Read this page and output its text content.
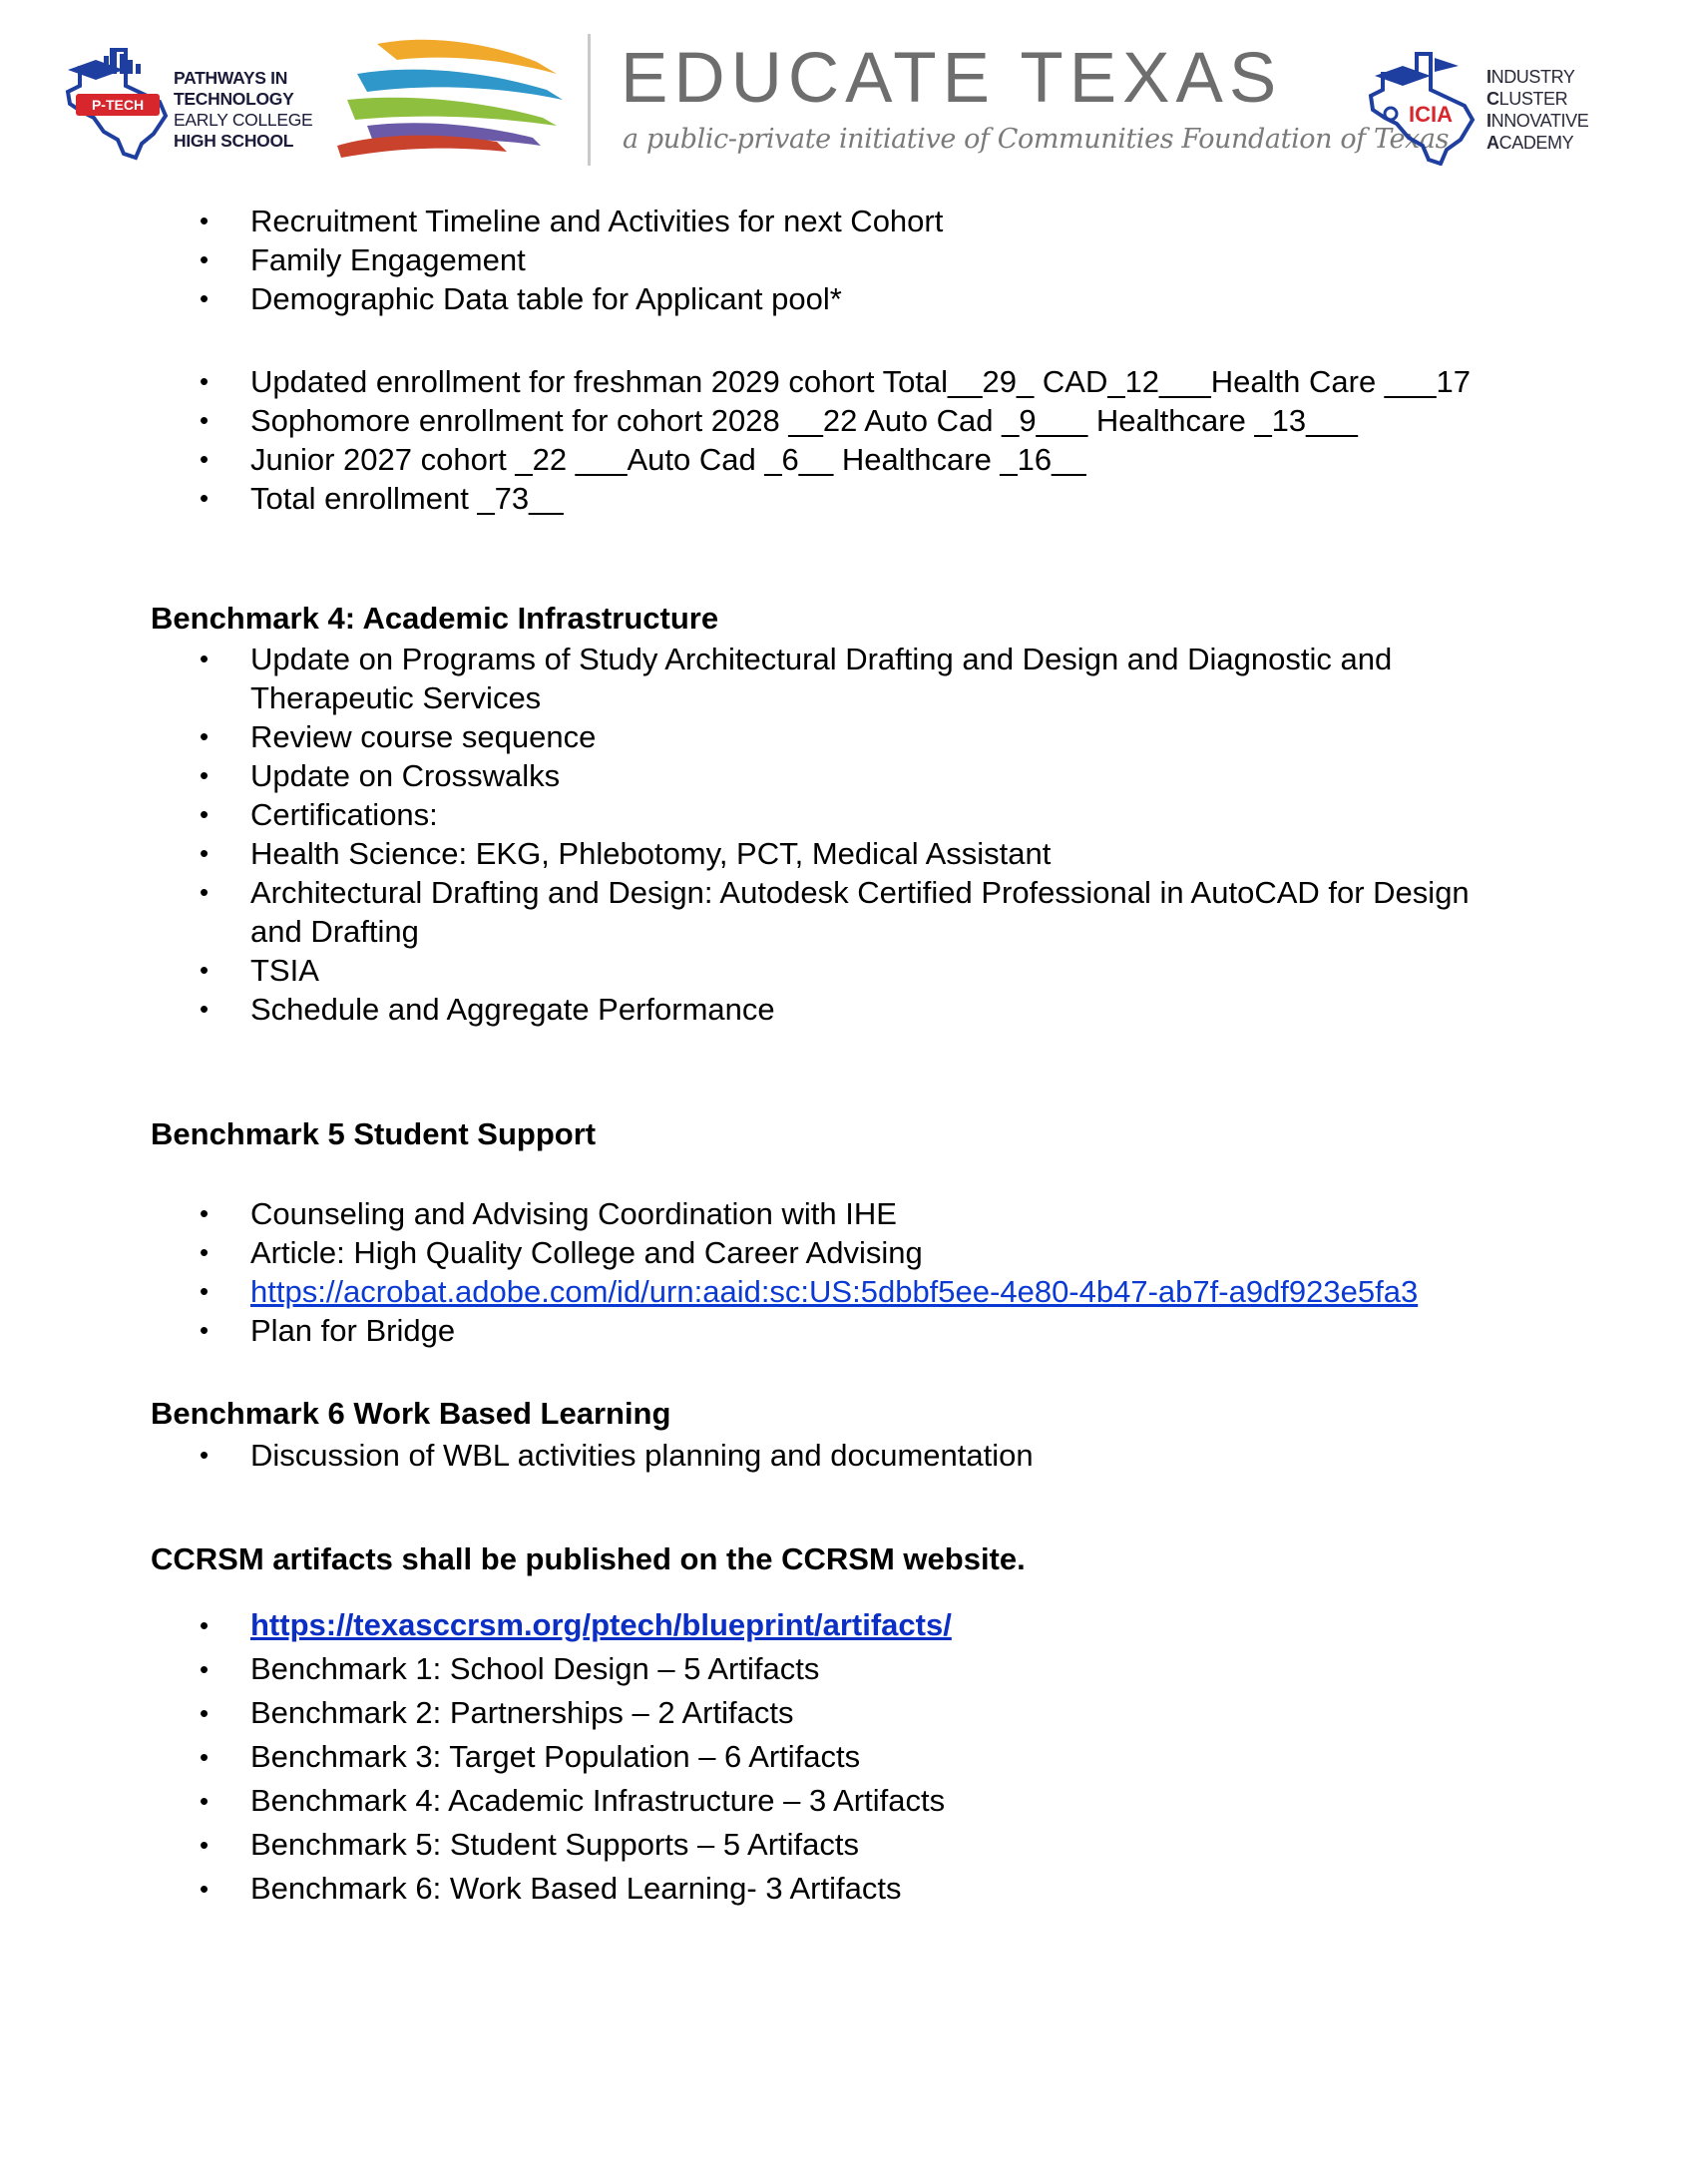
P-TECH
PATHWAYS IN
TECHNOLOGY
EARLY COLLEGE
HIGH SCHOOL
EDUCATE TEXAS
a public-private initiative of Communities Foundation of Texas
ICIA
INDUSTRY
CLUSTER
INNOVATIVE
ACADEMY
• Recruitment Timeline and Activities for next Cohort
• Family Engagement
• Demographic Data table for Applicant pool*
• Updated enrollment for freshman 2029 cohort Total__29_ CAD_12___Health Care ___17
• Sophomore enrollment for cohort 2028 __22 Auto Cad _9___ Healthcare _13___
• Junior 2027 cohort _22 ___Auto Cad _6__ Healthcare _16__
• Total enrollment _73__
Benchmark 4: Academic Infrastructure
• Update on Programs of Study Architectural Drafting and Design and Diagnostic and Therapeutic Services
• Review course sequence
• Update on Crosswalks
• Certifications:
• Health Science: EKG, Phlebotomy, PCT, Medical Assistant
• Architectural Drafting and Design: Autodesk Certified Professional in AutoCAD for Design and Drafting
• TSIA
• Schedule and Aggregate Performance
Benchmark 5 Student Support
• Counseling and Advising Coordination with IHE
• Article: High Quality College and Career Advising
• https://acrobat.adobe.com/id/urn:aaid:sc:US:5dbbf5ee-4e80-4b47-ab7f-a9df923e5fa3
• Plan for Bridge
Benchmark 6 Work Based Learning
• Discussion of WBL activities planning and documentation
CCRSM artifacts shall be published on the CCRSM website.
• https://texasccrsm.org/ptech/blueprint/artifacts/
• Benchmark 1: School Design – 5 Artifacts
• Benchmark 2: Partnerships – 2 Artifacts
• Benchmark 3: Target Population – 6 Artifacts
• Benchmark 4: Academic Infrastructure – 3 Artifacts
• Benchmark 5: Student Supports – 5 Artifacts
• Benchmark 6: Work Based Learning- 3 Artifacts
